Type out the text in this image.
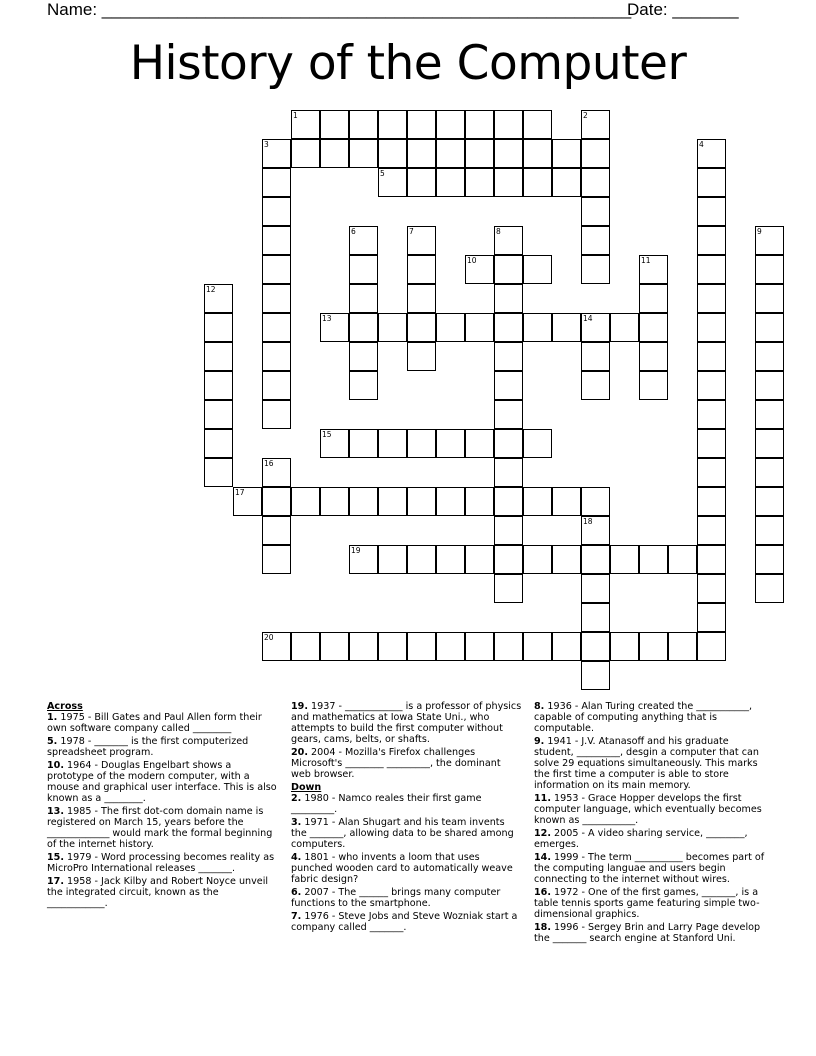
Name: ________________________________________________________

Date: _______

History of the Computer
1	2
3	4
5
6	7	8	9
10	11
12
13	14
15
16
17
18
19
20
Across
1. 1975 - Bill Gates and Paul Allen form their own software company called ________
5. 1978 - _______ is the first computerized spreadsheet program.
10. 1964 - Douglas Engelbart shows a prototype of the modern computer, with a mouse and graphical user interface. This is also known as a ________.
13. 1985 - The first dot-com domain name is registered on March 15, years before the _____________ would mark the formal beginning of the internet history.
15. 1979 - Word processing becomes reality as MicroPro International releases _______.
17. 1958 - Jack Kilby and Robert Noyce unveil the integrated circuit, known as the ____________.
19. 1937 - ____________ is a professor of physics and mathematics at Iowa State Uni., who attempts to build the first computer without gears, cams, belts, or shafts.
20. 2004 - Mozilla's Firefox challenges Microsoft's ________ _________, the dominant web browser.
Down
2. 1980 - Namco reales their first game _________.
3. 1971 - Alan Shugart and his team invents the _______, allowing data to be shared among computers.
4. 1801 - who invents a loom that uses punched wooden card to automatically weave fabric design?
6. 2007 - The ______ brings many computer functions to the smartphone.
7. 1976 - Steve Jobs and Steve Wozniak start a company called _______.
8. 1936 - Alan Turing created the ___________, capable of computing anything that is computable.
9. 1941 - J.V. Atanasoff and his graduate student, _________, desgin a computer that can solve 29 equations simultaneously. This marks the first time a computer is able to store information on its main memory.
11. 1953 - Grace Hopper develops the first computer language, which eventually becomes known as ___________.
12. 2005 - A video sharing service, ________, emerges.
14. 1999 - The term __________ becomes part of the computing languae and users begin connecting to the internet without wires.
16. 1972 - One of the first games, _______, is a table tennis sports game featuring simple two-dimensional graphics.
18. 1996 - Sergey Brin and Larry Page develop the _______ search engine at Stanford Uni.
